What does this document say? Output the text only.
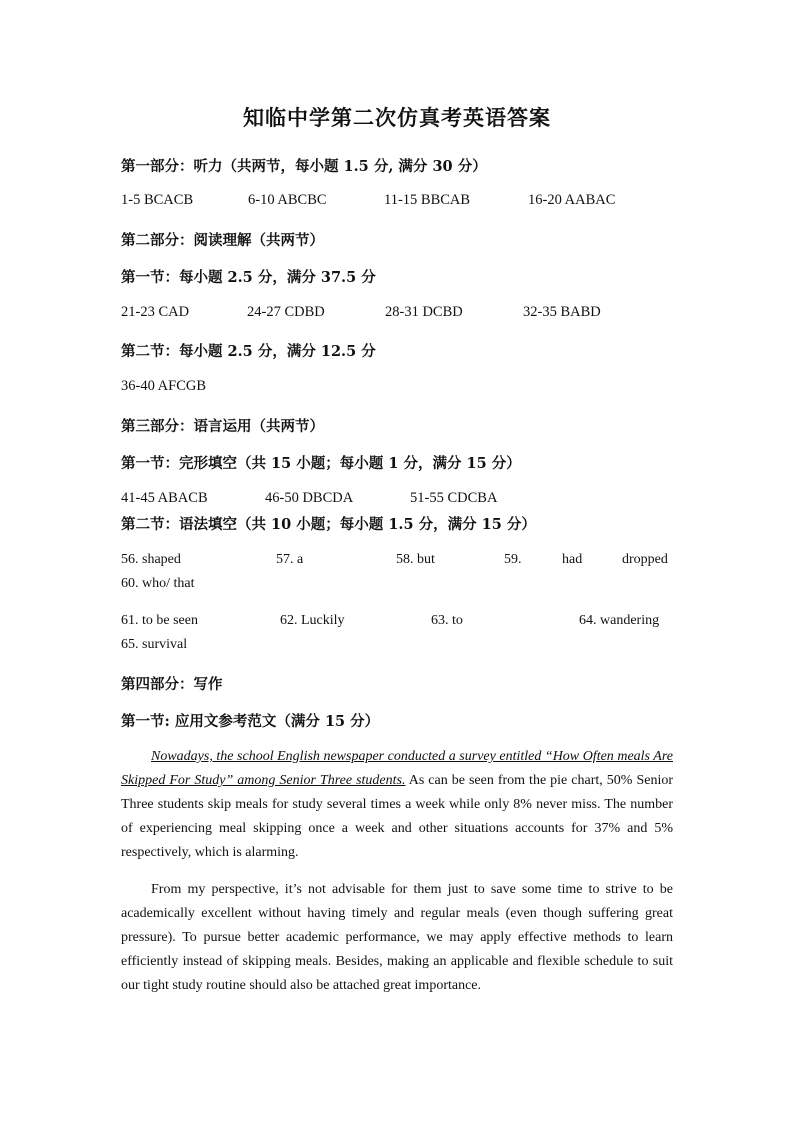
知临中学第二次仿真考英语答案
第一部分：听力（共两节，每小题 1.5 分, 满分 30 分）
1-5 BCACB	6-10 ABCBC	11-15 BBCAB	16-20 AABAC
第二部分：阅读理解（共两节）
第一节：每小题 2.5 分，满分 37.5 分
21-23 CAD	24-27 CDBD	28-31 DCBD	32-35 BABD
第二节：每小题 2.5 分，满分 12.5 分
36-40 AFCGB
第三部分：语言运用（共两节）
第一节：完形填空（共 15 小题；每小题 1 分，满分 15 分）
41-45 ABACB	46-50 DBCDA	51-55 CDCBA
第二节：语法填空（共 10 小题；每小题 1.5 分，满分 15 分）
56. shaped	57. a	58. but	59.	had	dropped
60. who/ that
61. to be seen	62. Luckily	63. to	64. wandering
65. survival
第四部分：写作
第一节: 应用文参考范文（满分 15 分）
Nowadays, the school English newspaper conducted a survey entitled “How Often meals Are Skipped For Study” among Senior Three students. As can be seen from the pie chart, 50% Senior Three students skip meals for study several times a week while only 8% never miss. The number of experiencing meal skipping once a week and other situations accounts for 37% and 5% respectively, which is alarming.
From my perspective, it’s not advisable for them just to save some time to strive to be academically excellent without having timely and regular meals (even though suffering great pressure). To pursue better academic performance, we may apply effective methods to learn efficiently instead of skipping meals. Besides, making an applicable and flexible schedule to suit our tight study routine should also be attached great importance.
